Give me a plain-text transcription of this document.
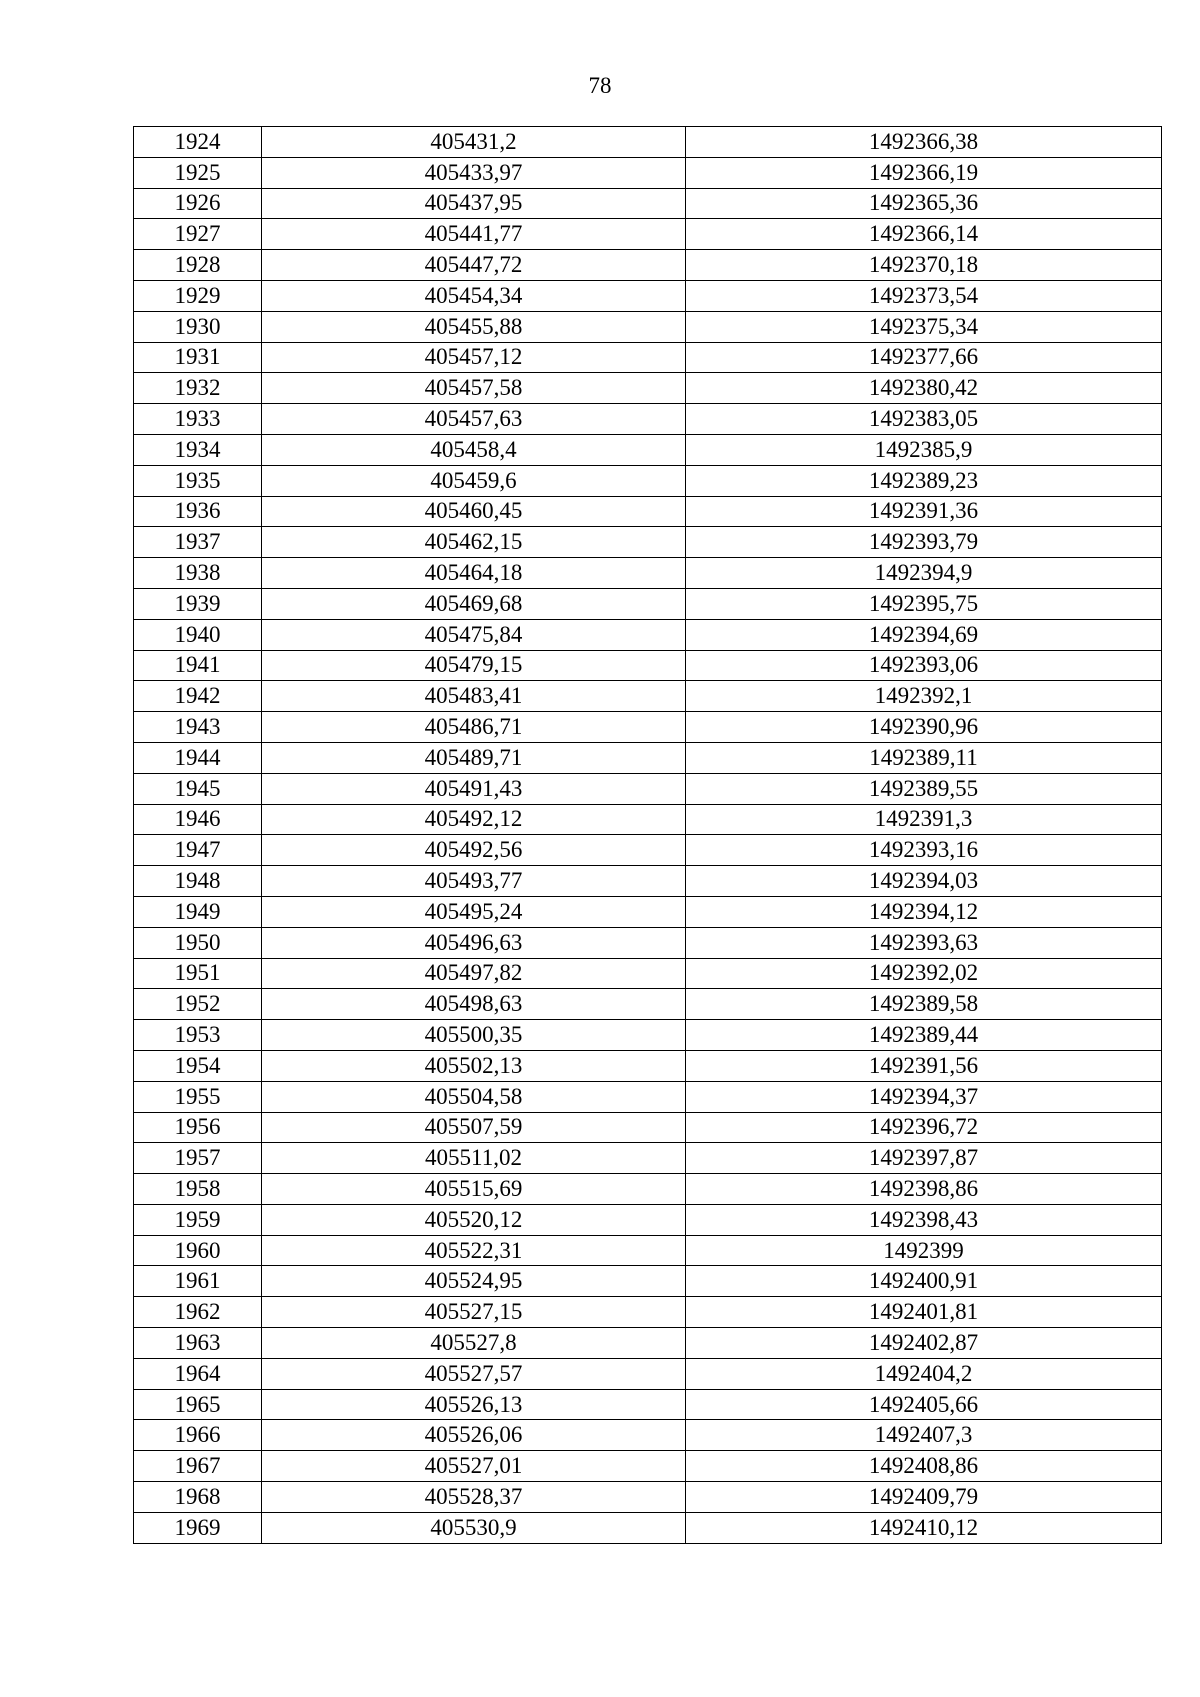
78
1924	405431,2	1492366,38
1925	405433,97	1492366,19
1926	405437,95	1492365,36
1927	405441,77	1492366,14
1928	405447,72	1492370,18
1929	405454,34	1492373,54
1930	405455,88	1492375,34
1931	405457,12	1492377,66
1932	405457,58	1492380,42
1933	405457,63	1492383,05
1934	405458,4	1492385,9
1935	405459,6	1492389,23
1936	405460,45	1492391,36
1937	405462,15	1492393,79
1938	405464,18	1492394,9
1939	405469,68	1492395,75
1940	405475,84	1492394,69
1941	405479,15	1492393,06
1942	405483,41	1492392,1
1943	405486,71	1492390,96
1944	405489,71	1492389,11
1945	405491,43	1492389,55
1946	405492,12	1492391,3
1947	405492,56	1492393,16
1948	405493,77	1492394,03
1949	405495,24	1492394,12
1950	405496,63	1492393,63
1951	405497,82	1492392,02
1952	405498,63	1492389,58
1953	405500,35	1492389,44
1954	405502,13	1492391,56
1955	405504,58	1492394,37
1956	405507,59	1492396,72
1957	405511,02	1492397,87
1958	405515,69	1492398,86
1959	405520,12	1492398,43
1960	405522,31	1492399
1961	405524,95	1492400,91
1962	405527,15	1492401,81
1963	405527,8	1492402,87
1964	405527,57	1492404,2
1965	405526,13	1492405,66
1966	405526,06	1492407,3
1967	405527,01	1492408,86
1968	405528,37	1492409,79
1969	405530,9	1492410,12
